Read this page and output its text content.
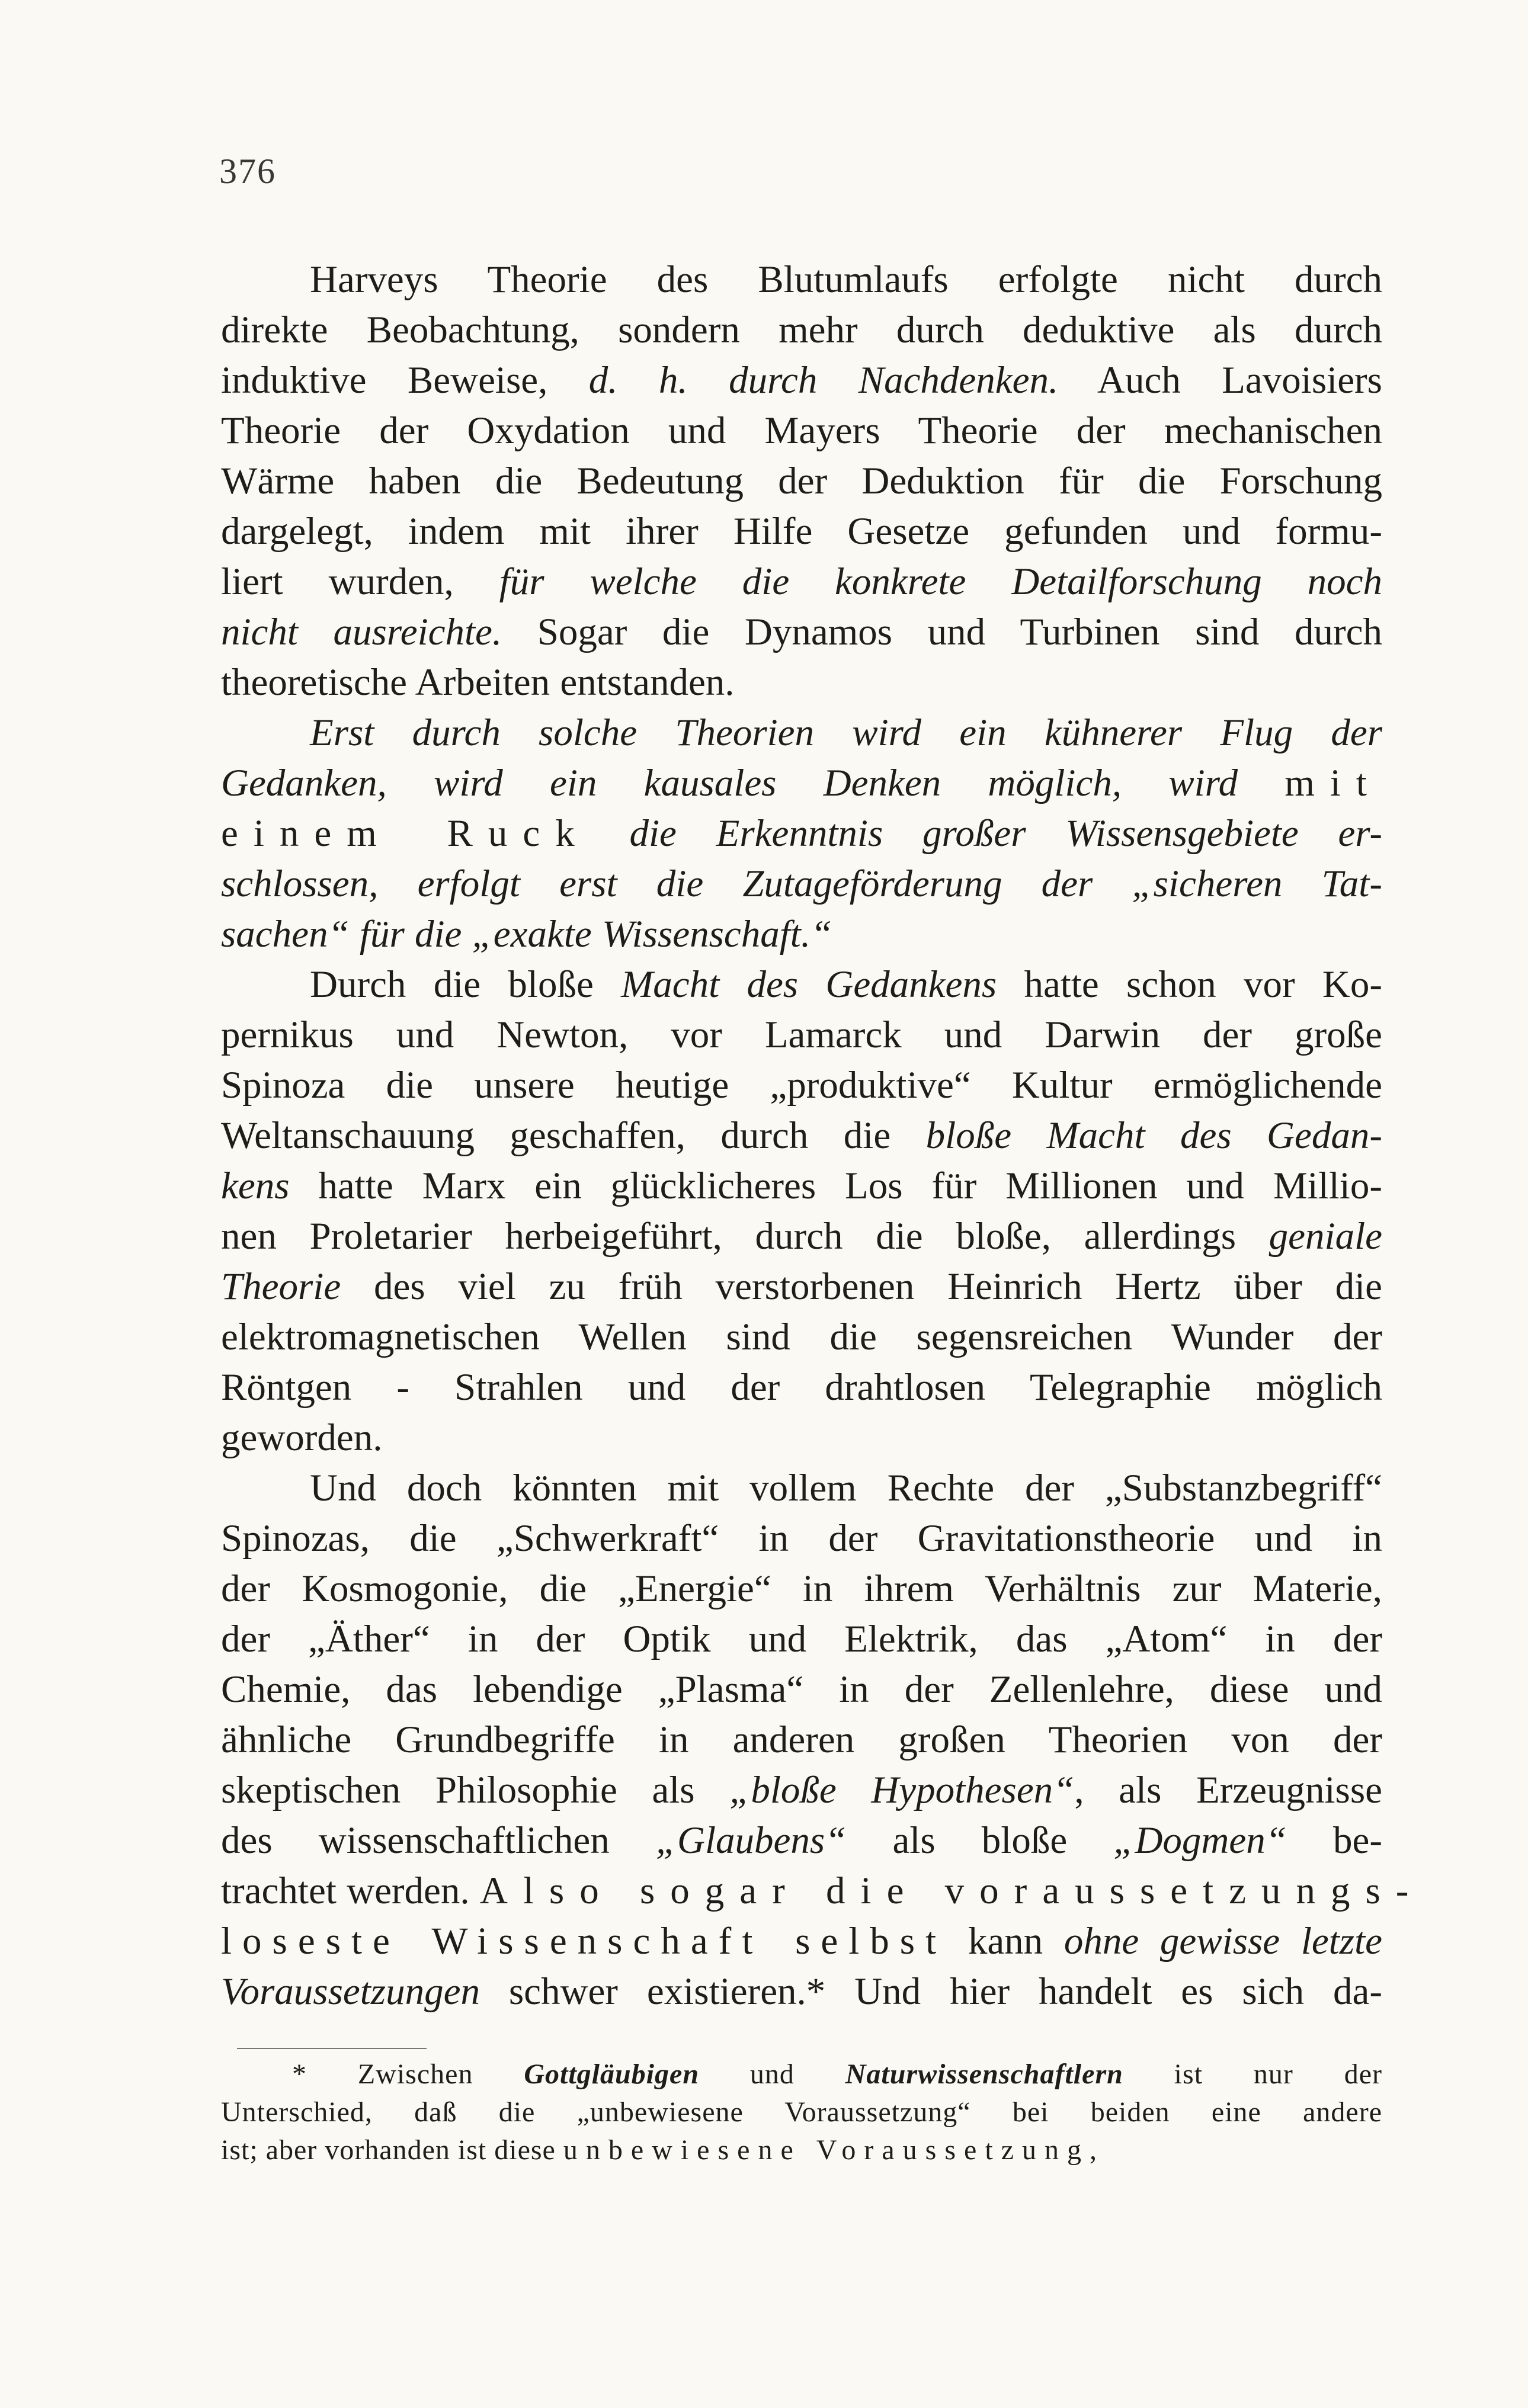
376
Harveys Theorie des Blutumlaufs erfolgte nicht durch
direkte Beobachtung, sondern mehr durch deduktive als durch
induktive Beweise, d. h. durch Nachdenken. Auch Lavoisiers
Theorie der Oxydation und Mayers Theorie der mechanischen
Wärme haben die Bedeutung der Deduktion für die Forschung
dargelegt, indem mit ihrer Hilfe Gesetze gefunden und formu-
liert wurden, für welche die konkrete Detailforschung noch
nicht ausreichte. Sogar die Dynamos und Turbinen sind durch
theoretische Arbeiten entstanden.
Erst durch solche Theorien wird ein kühnerer Flug der
Gedanken, wird ein kausales Denken möglich, wird mit
einem Ruck die Erkenntnis großer Wissensgebiete er-
schlossen, erfolgt erst die Zutageförderung der „sicheren Tat-
sachen“ für die „exakte Wissenschaft.“
Durch die bloße Macht des Gedankens hatte schon vor Ko-
pernikus und Newton, vor Lamarck und Darwin der große
Spinoza die unsere heutige „produktive“ Kultur ermöglichende
Weltanschauung geschaffen, durch die bloße Macht des Gedan-
kens hatte Marx ein glücklicheres Los für Millionen und Millio-
nen Proletarier herbeigeführt, durch die bloße, allerdings geniale
Theorie des viel zu früh verstorbenen Heinrich Hertz über die
elektromagnetischen Wellen sind die segensreichen Wunder der
Röntgen - Strahlen und der drahtlosen Telegraphie möglich
geworden.
Und doch könnten mit vollem Rechte der „Substanzbegriff“
Spinozas, die „Schwerkraft“ in der Gravitationstheorie und in
der Kosmogonie, die „Energie“ in ihrem Verhältnis zur Materie,
der „Äther“ in der Optik und Elektrik, das „Atom“ in der
Chemie, das lebendige „Plasma“ in der Zellenlehre, diese und
ähnliche Grundbegriffe in anderen großen Theorien von der
skeptischen Philosophie als „bloße Hypothesen“, als Erzeugnisse
des wissenschaftlichen „Glaubens“ als bloße „Dogmen“ be-
trachtet werden. Also sogar die voraussetzungs-
loseste Wissenschaft selbst kann ohne gewisse letzte
Voraussetzungen schwer existieren.* Und hier handelt es sich da-
* Zwischen Gottgläubigen und Naturwissenschaftlern ist nur der
Unterschied, daß die „unbewiesene Voraussetzung“ bei beiden eine andere
ist; aber vorhanden ist diese unbewiesene Voraussetzung,
